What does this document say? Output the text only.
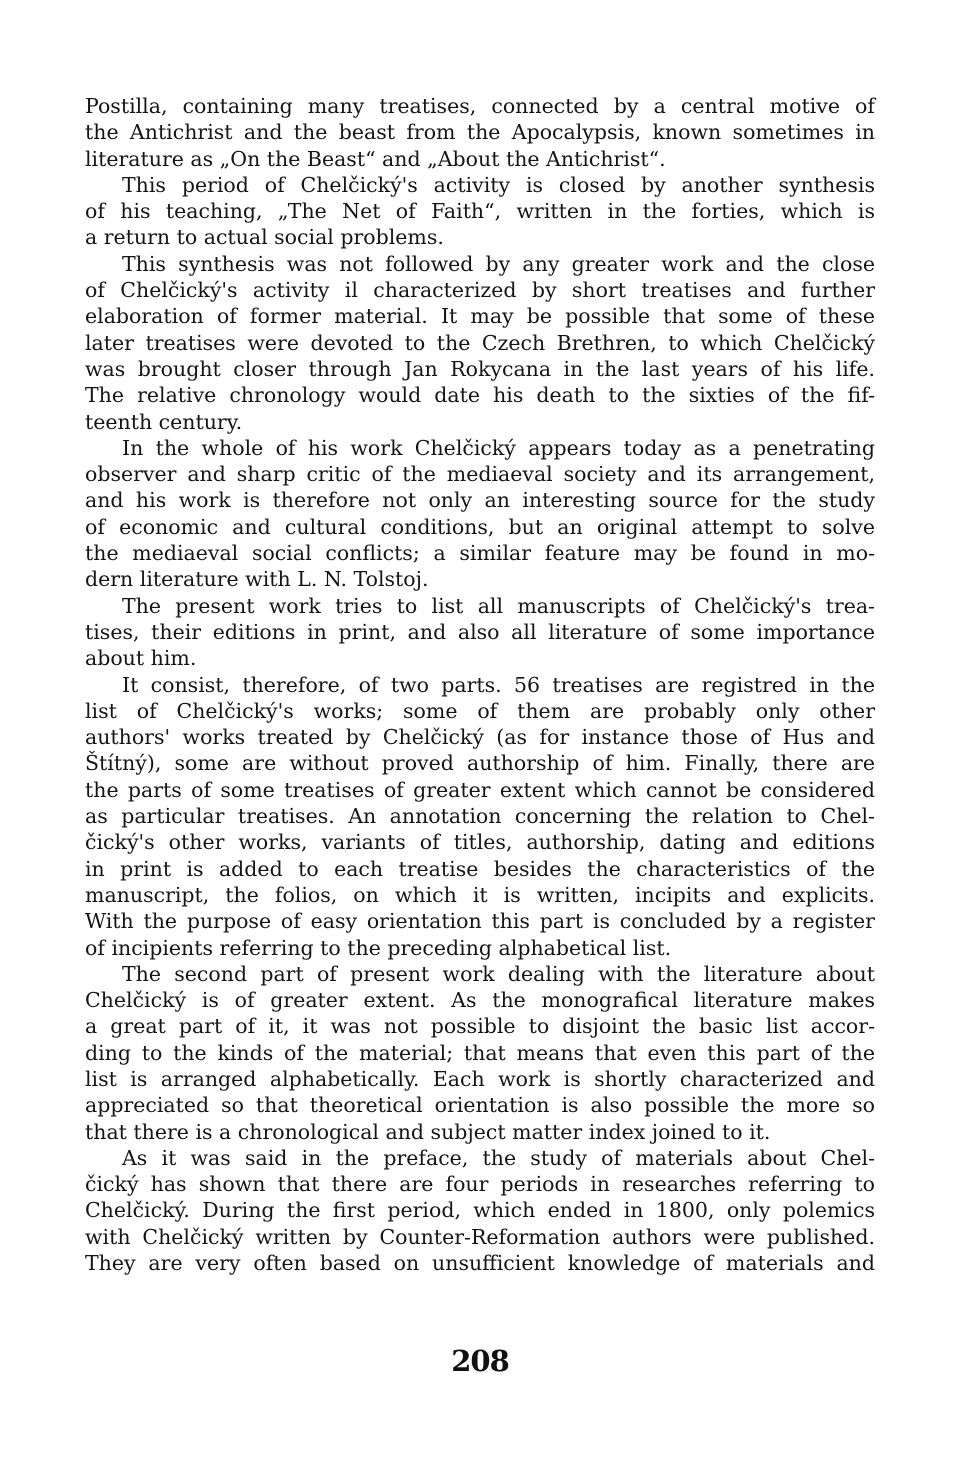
Postilla, containing many treatises, connected by a central motive of
the Antichrist and the beast from the Apocalypsis, known sometimes in
literature as „On the Beast“ and „About the Antichrist“.
This period of Chelčický's activity is closed by another synthesis
of his teaching, „The Net of Faith“, written in the forties, which is
a return to actual social problems.
This synthesis was not followed by any greater work and the close
of Chelčický's activity il characterized by short treatises and further
elaboration of former material. It may be possible that some of these
later treatises were devoted to the Czech Brethren, to which Chelčický
was brought closer through Jan Rokycana in the last years of his life.
The relative chronology would date his death to the sixties of the fif-
teenth century.
In the whole of his work Chelčický appears today as a penetrating
observer and sharp critic of the mediaeval society and its arrangement,
and his work is therefore not only an interesting source for the study
of economic and cultural conditions, but an original attempt to solve
the mediaeval social conflicts; a similar feature may be found in mo-
dern literature with L. N. Tolstoj.
The present work tries to list all manuscripts of Chelčický's trea-
tises, their editions in print, and also all literature of some importance
about him.
It consist, therefore, of two parts. 56 treatises are registred in the
list of Chelčický's works; some of them are probably only other
authors' works treated by Chelčický (as for instance those of Hus and
Štítný), some are without proved authorship of him. Finally, there are
the parts of some treatises of greater extent which cannot be considered
as particular treatises. An annotation concerning the relation to Chel-
čický's other works, variants of titles, authorship, dating and editions
in print is added to each treatise besides the characteristics of the
manuscript, the folios, on which it is written, incipits and explicits.
With the purpose of easy orientation this part is concluded by a register
of incipients referring to the preceding alphabetical list.
The second part of present work dealing with the literature about
Chelčický is of greater extent. As the monografical literature makes
a great part of it, it was not possible to disjoint the basic list accor-
ding to the kinds of the material; that means that even this part of the
list is arranged alphabetically. Each work is shortly characterized and
appreciated so that theoretical orientation is also possible the more so
that there is a chronological and subject matter index joined to it.
As it was said in the preface, the study of materials about Chel-
čický has shown that there are four periods in researches referring to
Chelčický. During the first period, which ended in 1800, only polemics
with Chelčický written by Counter-Reformation authors were published.
They are very often based on unsufficient knowledge of materials and
208
